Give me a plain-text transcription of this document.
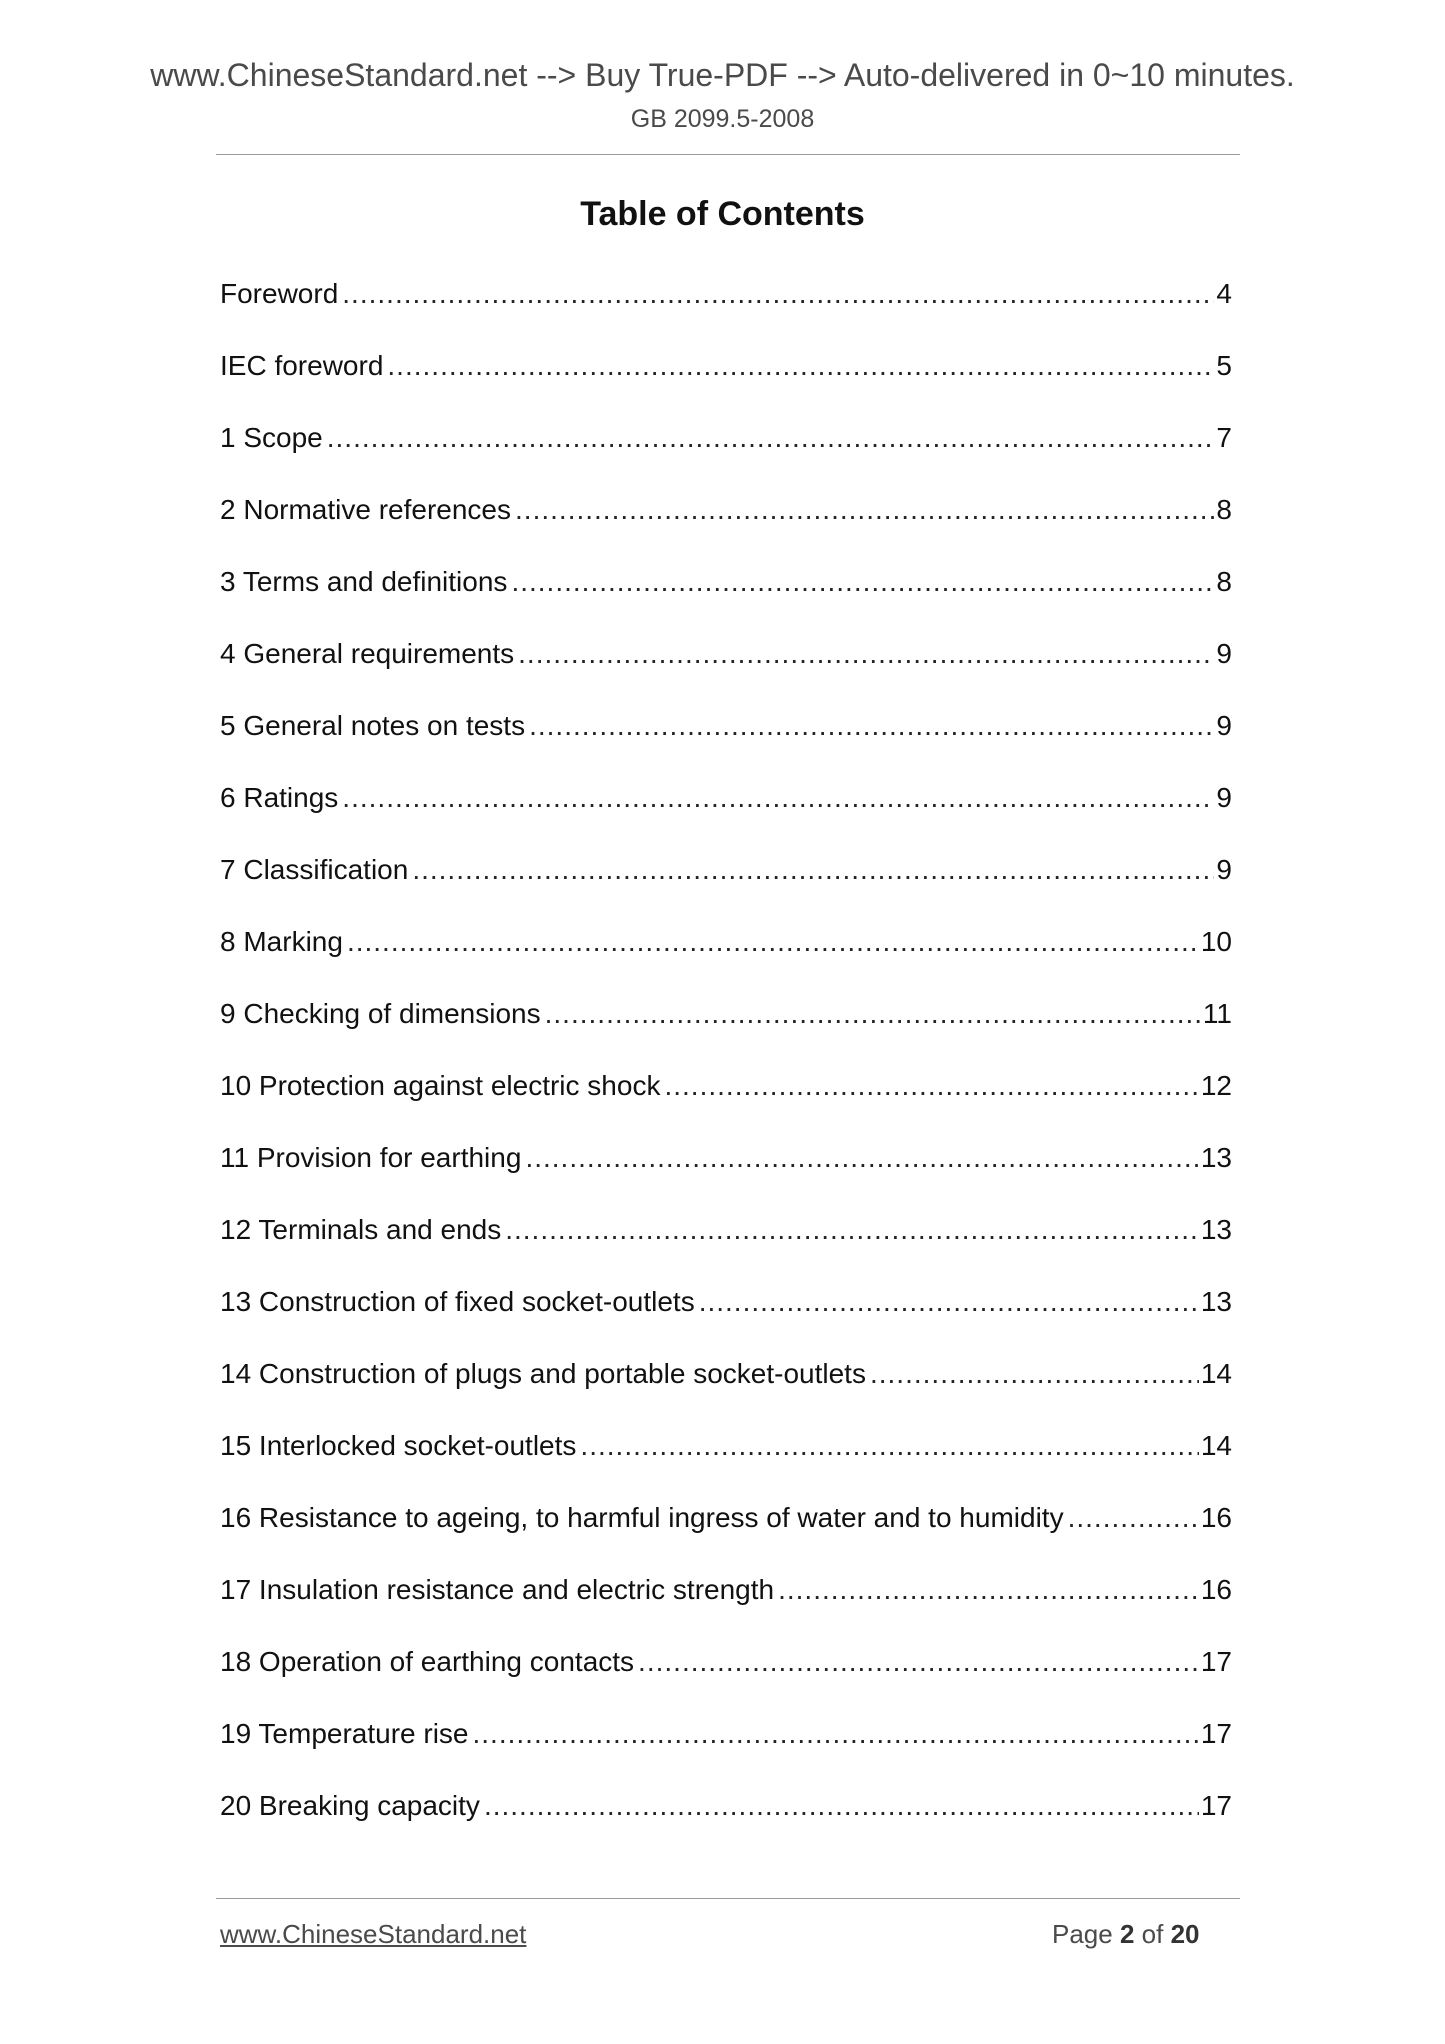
www.ChineseStandard.net --> Buy True-PDF --> Auto-delivered in 0~10 minutes.
GB 2099.5-2008
Table of Contents
Foreword .....	4
IEC foreword .....	5
1 Scope .....	7
2 Normative references .....	8
3 Terms and definitions .....	8
4 General requirements .....	9
5 General notes on tests .....	9
6 Ratings .....	9
7 Classification .....	9
8 Marking .....	10
9 Checking of dimensions .....	11
10 Protection against electric shock .....	12
11 Provision for earthing .....	13
12 Terminals and ends .....	13
13 Construction of fixed socket-outlets .....	13
14 Construction of plugs and portable socket-outlets .....	14
15 Interlocked socket-outlets .....	14
16 Resistance to ageing, to harmful ingress of water and to humidity .....	16
17 Insulation resistance and electric strength .....	16
18 Operation of earthing contacts .....	17
19 Temperature rise .....	17
20 Breaking capacity .....	17
www.ChineseStandard.net	Page 2 of 20
